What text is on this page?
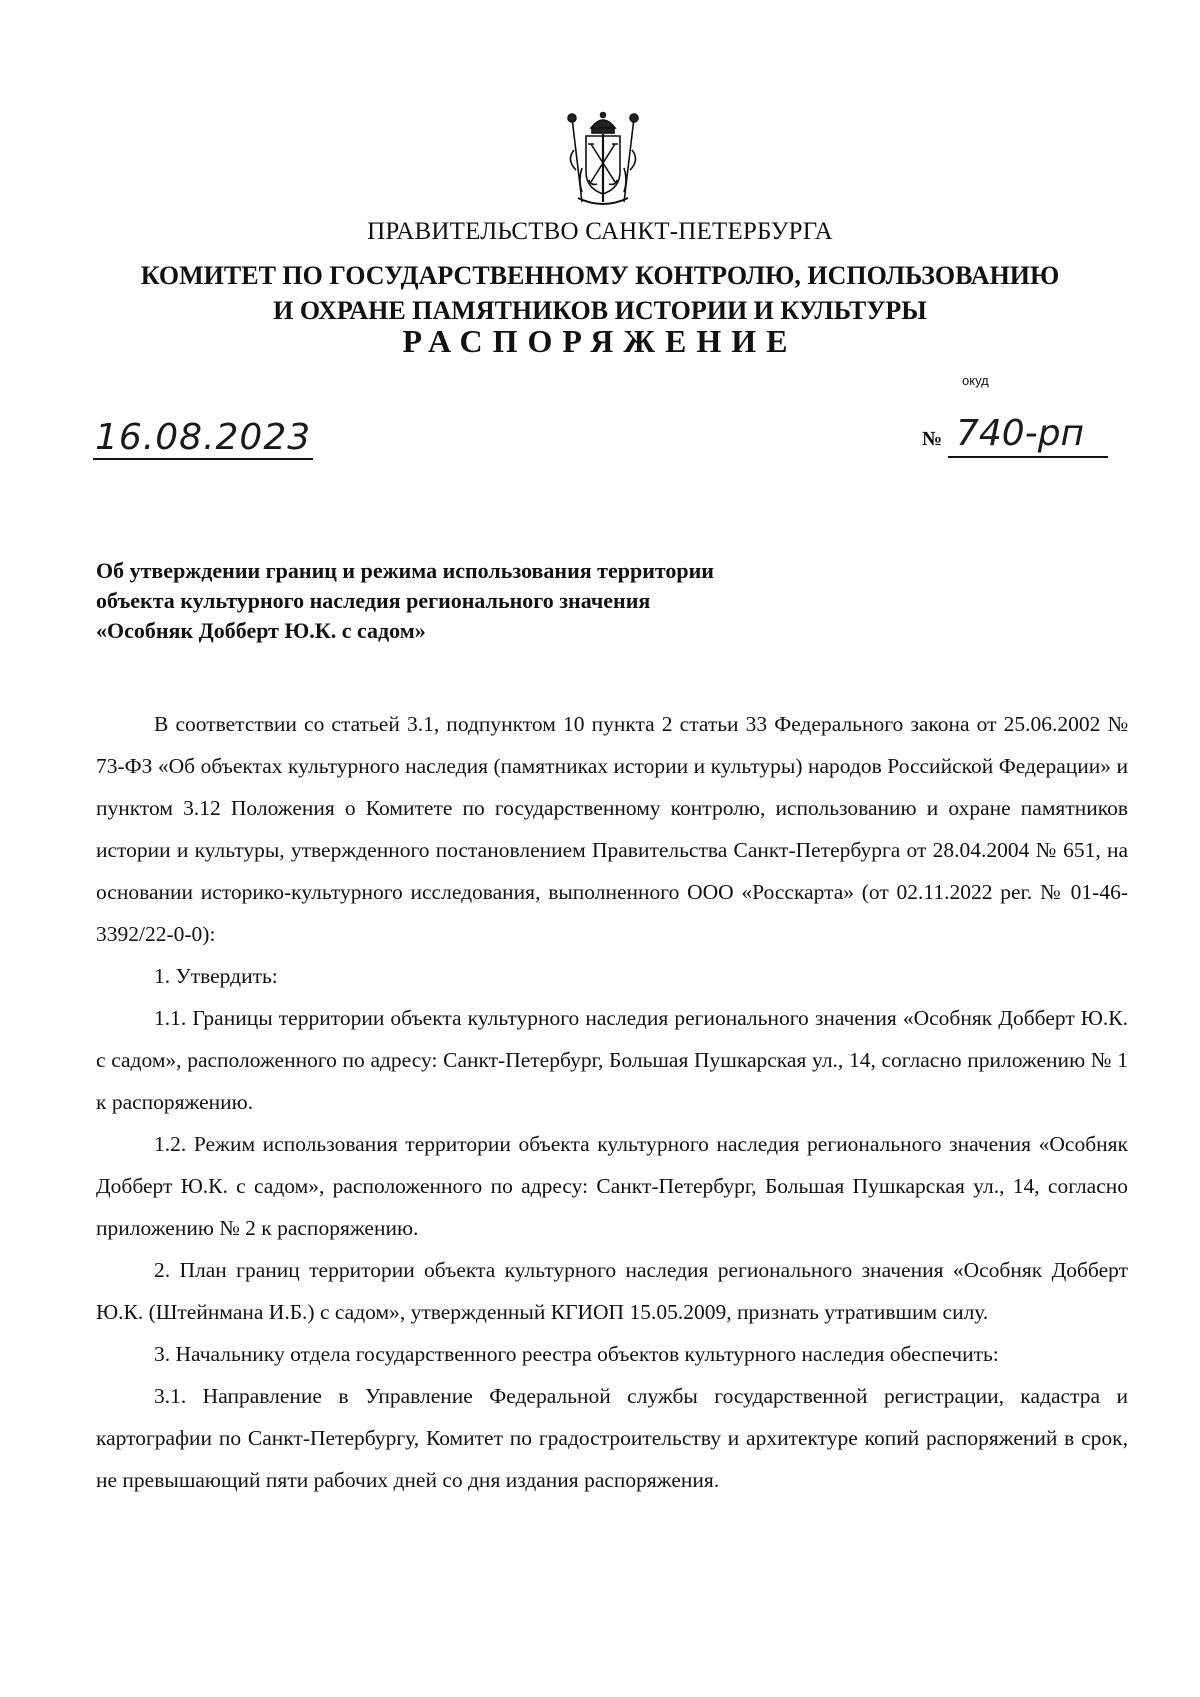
ПРАВИТЕЛЬСТВО САНКТ-ПЕТЕРБУРГА
КОМИТЕТ ПО ГОСУДАРСТВЕННОМУ КОНТРОЛЮ, ИСПОЛЬЗОВАНИЮ
И ОХРАНЕ ПАМЯТНИКОВ ИСТОРИИ И КУЛЬТУРЫ
РАСПОРЯЖЕНИЕ
окуд
16.08.2023	№ 740-рп
Об утверждении границ и режима использования территории
объекта культурного наследия регионального значения
«Особняк Добберт Ю.К. с садом»

В соответствии со статьей 3.1, подпунктом 10 пункта 2 статьи 33 Федерального закона от 25.06.2002 № 73-ФЗ «Об объектах культурного наследия (памятниках истории и культуры) народов Российской Федерации» и пунктом 3.12 Положения о Комитете по государственному контролю, использованию и охране памятников истории и культуры, утвержденного постановлением Правительства Санкт-Петербурга от 28.04.2004 № 651, на основании историко-культурного исследования, выполненного ООО «Росскарта» (от 02.11.2022 рег. № 01-46-3392/22-0-0):

1. Утвердить:

1.1. Границы территории объекта культурного наследия регионального значения «Особняк Добберт Ю.К. с садом», расположенного по адресу: Санкт-Петербург, Большая Пушкарская ул., 14, согласно приложению № 1 к распоряжению.

1.2. Режим использования территории объекта культурного наследия регионального значения «Особняк Добберт Ю.К. с садом», расположенного по адресу: Санкт-Петербург, Большая Пушкарская ул., 14, согласно приложению № 2 к распоряжению.

2. План границ территории объекта культурного наследия регионального значения «Особняк Добберт Ю.К. (Штейнмана И.Б.) с садом», утвержденный КГИОП 15.05.2009, признать утратившим силу.

3. Начальнику отдела государственного реестра объектов культурного наследия обеспечить:

3.1. Направление в Управление Федеральной службы государственной регистрации, кадастра и картографии по Санкт-Петербургу, Комитет по градостроительству и архитектуре копий распоряжений в срок, не превышающий пяти рабочих дней со дня издания распоряжения.
